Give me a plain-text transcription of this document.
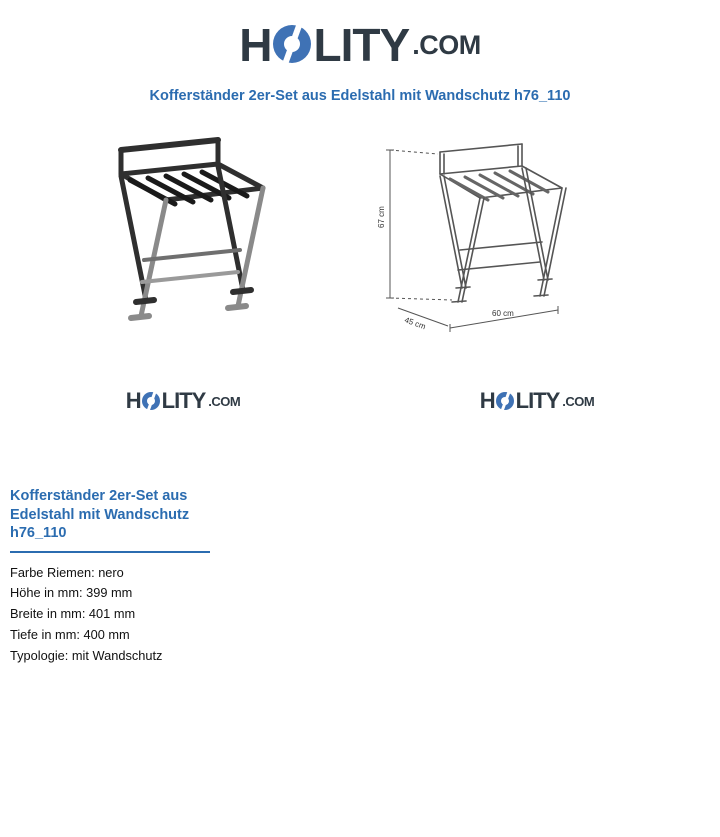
H LITY .COM
Kofferständer 2er-Set aus Edelstahl mit Wandschutz h76_110
H LITY .COM
67 cm
45 cm
60 cm
H LITY .COM
Kofferständer 2er-Set aus Edelstahl mit Wandschutz h76_110
Farbe Riemen: nero
Höhe in mm: 399 mm
Breite in mm: 401 mm
Tiefe in mm: 400 mm
Typologie: mit Wandschutz
